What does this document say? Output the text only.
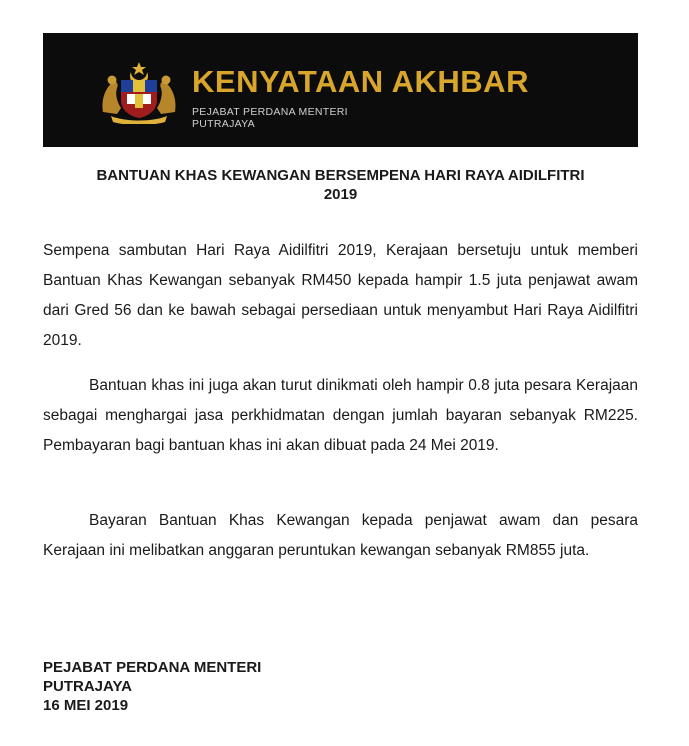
KENYATAAN AKHBAR
PEJABAT PERDANA MENTERI
PUTRAJAYA
BANTUAN KHAS KEWANGAN BERSEMPENA HARI RAYA AIDILFITRI
2019
Sempena sambutan Hari Raya Aidilfitri 2019, Kerajaan bersetuju untuk memberi Bantuan Khas Kewangan sebanyak RM450 kepada hampir 1.5 juta penjawat awam dari Gred 56 dan ke bawah sebagai persediaan untuk menyambut Hari Raya Aidilfitri 2019.
Bantuan khas ini juga akan turut dinikmati oleh hampir 0.8 juta pesara Kerajaan sebagai menghargai jasa perkhidmatan dengan jumlah bayaran sebanyak RM225. Pembayaran bagi bantuan khas ini akan dibuat pada 24 Mei 2019.
Bayaran Bantuan Khas Kewangan kepada penjawat awam dan pesara Kerajaan ini melibatkan anggaran peruntukan kewangan sebanyak RM855 juta.
PEJABAT PERDANA MENTERI
PUTRAJAYA
16 MEI 2019
